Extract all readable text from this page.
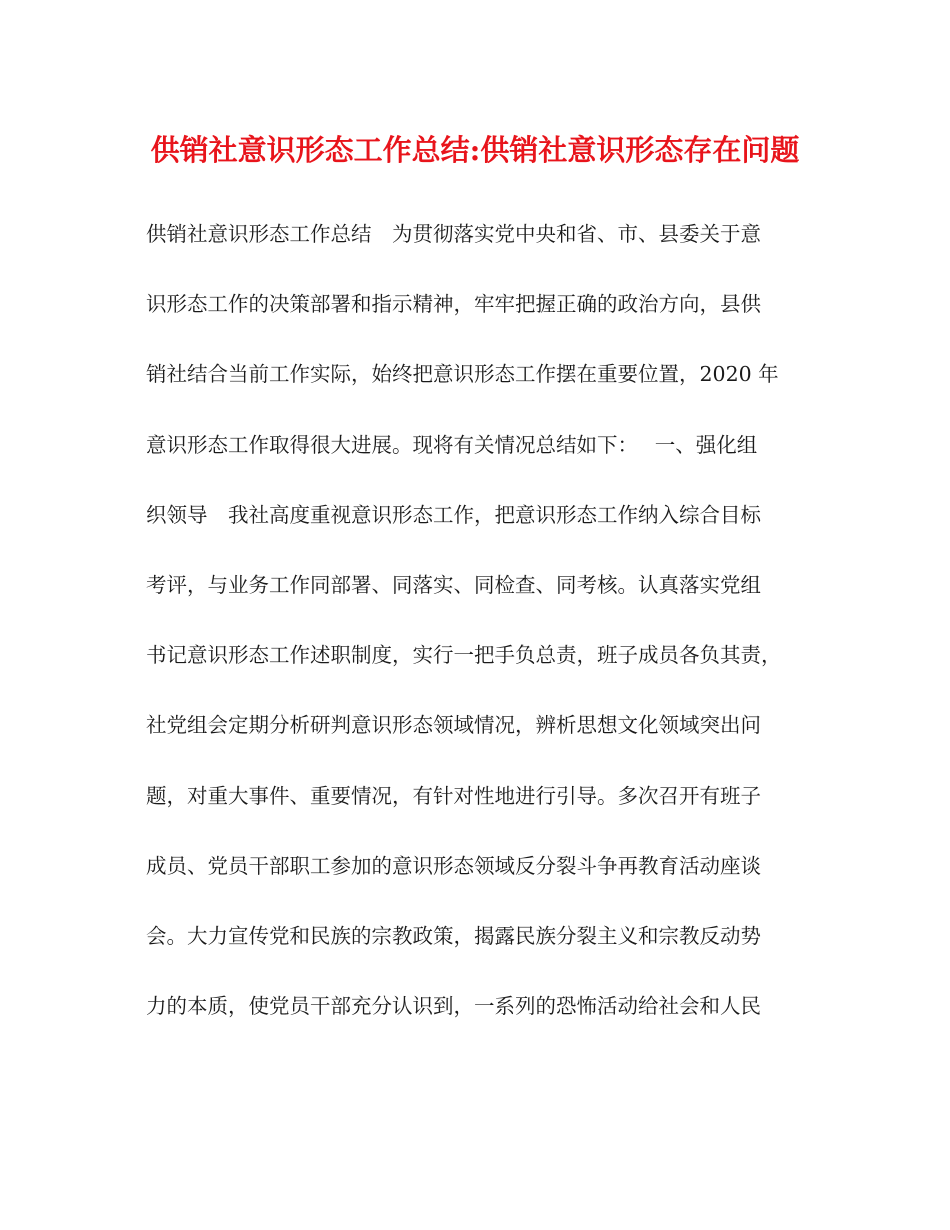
供销社意识形态工作总结:供销社意识形态存在问题
供销社意识形态工作总结　为贯彻落实党中央和省、市、县委关于意
识形态工作的决策部署和指示精神，牢牢把握正确的政治方向，县供
销社结合当前工作实际，始终把意识形态工作摆在重要位置，2020 年
意识形态工作取得很大进展。现将有关情况总结如下：　 一、强化组
织领导　我社高度重视意识形态工作，把意识形态工作纳入综合目标
考评，与业务工作同部署、同落实、同检查、同考核。认真落实党组
书记意识形态工作述职制度，实行一把手负总责，班子成员各负其责，
社党组会定期分析研判意识形态领域情况，辨析思想文化领域突出问
题，对重大事件、重要情况，有针对性地进行引导。多次召开有班子
成员、党员干部职工参加的意识形态领域反分裂斗争再教育活动座谈
会。大力宣传党和民族的宗教政策，揭露民族分裂主义和宗教反动势
力的本质，使党员干部充分认识到，一系列的恐怖活动给社会和人民
